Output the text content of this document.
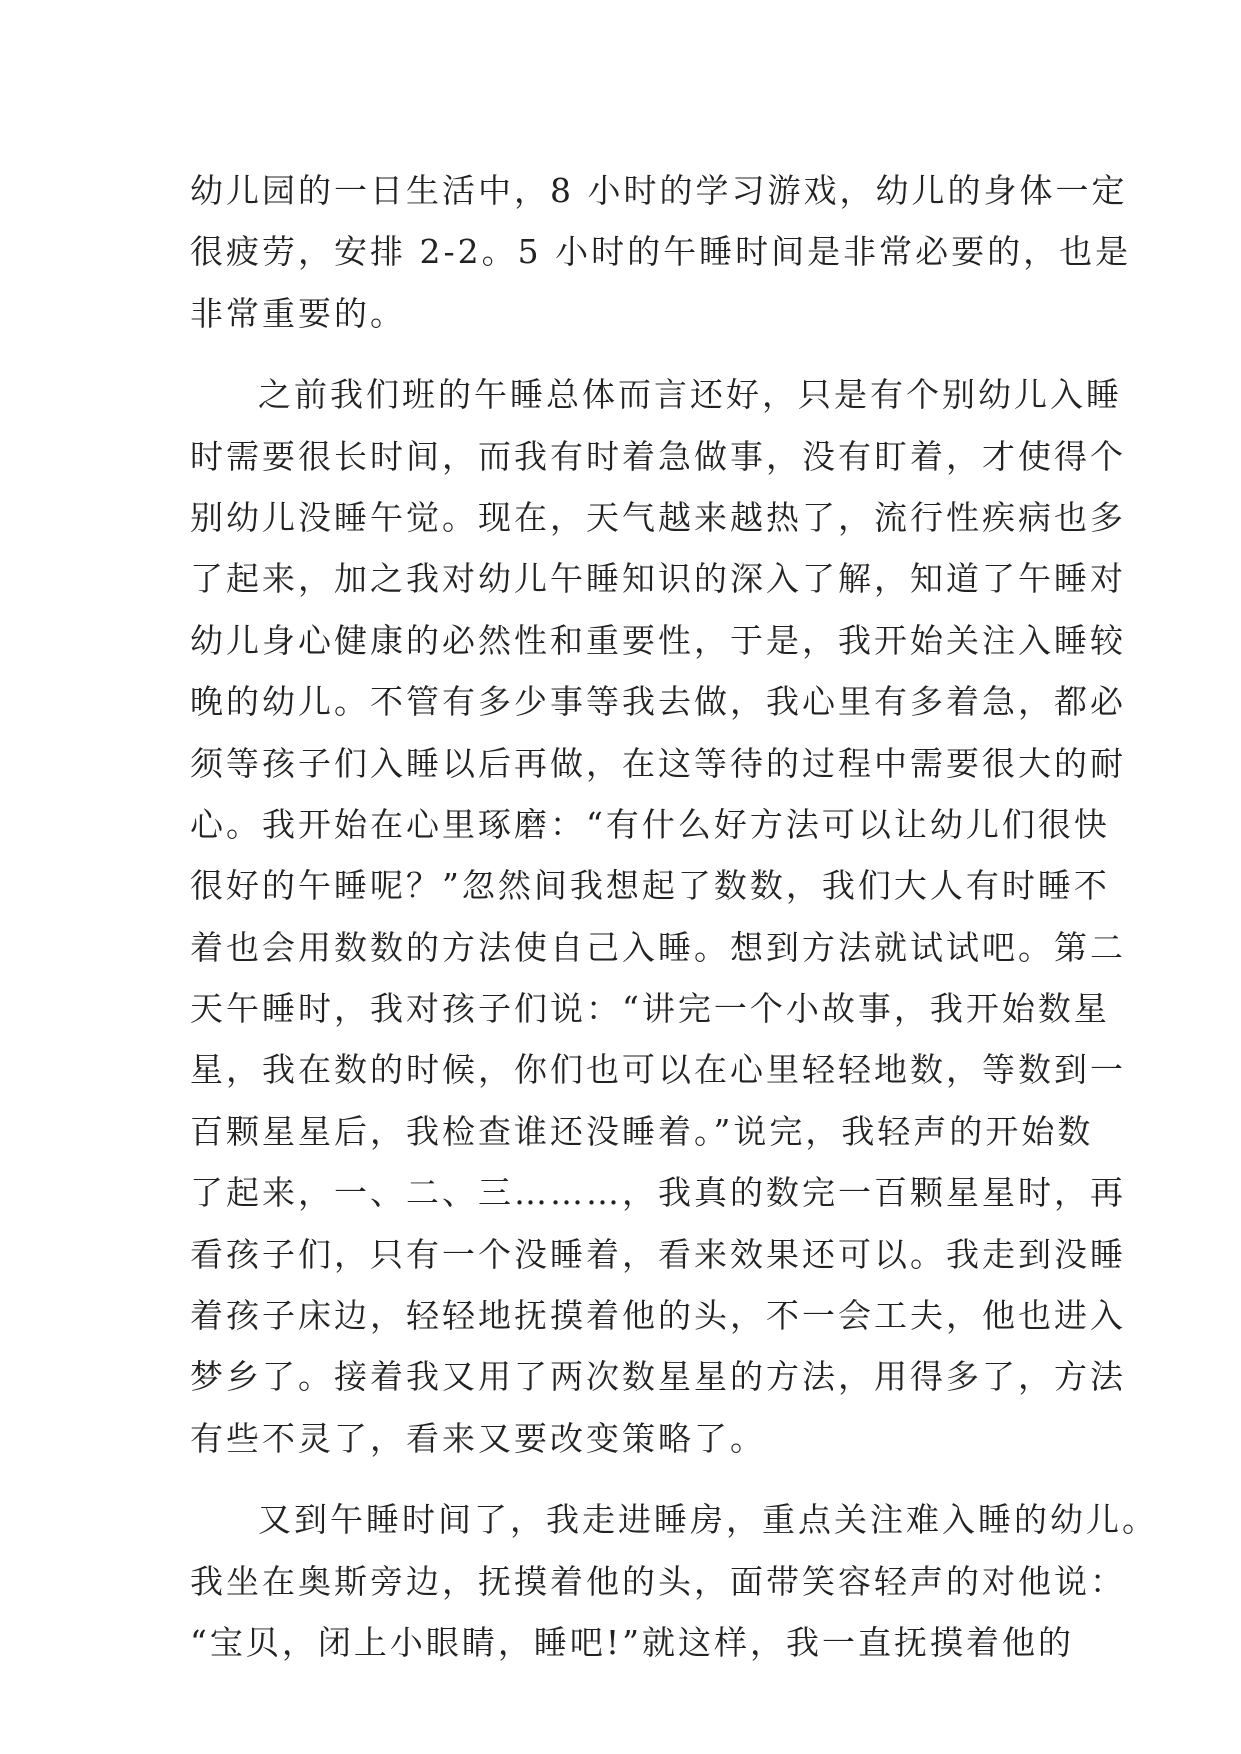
幼儿园的一日生活中，8 小时的学习游戏，幼儿的身体一定
很疲劳，安排 2-2。5 小时的午睡时间是非常必要的，也是
非常重要的。
之前我们班的午睡总体而言还好，只是有个别幼儿入睡
时需要很长时间，而我有时着急做事，没有盯着，才使得个
别幼儿没睡午觉。现在，天气越来越热了，流行性疾病也多
了起来，加之我对幼儿午睡知识的深入了解，知道了午睡对
幼儿身心健康的必然性和重要性，于是，我开始关注入睡较
晚的幼儿。不管有多少事等我去做，我心里有多着急，都必
须等孩子们入睡以后再做，在这等待的过程中需要很大的耐
心。我开始在心里琢磨：“有什么好方法可以让幼儿们很快
很好的午睡呢？”忽然间我想起了数数，我们大人有时睡不
着也会用数数的方法使自己入睡。想到方法就试试吧。第二
天午睡时，我对孩子们说：“讲完一个小故事，我开始数星
星，我在数的时候，你们也可以在心里轻轻地数，等数到一
百颗星星后，我检查谁还没睡着。”说完，我轻声的开始数
了起来，一、二、三………，我真的数完一百颗星星时，再
看孩子们，只有一个没睡着，看来效果还可以。我走到没睡
着孩子床边，轻轻地抚摸着他的头，不一会工夫，他也进入
梦乡了。接着我又用了两次数星星的方法，用得多了，方法
有些不灵了，看来又要改变策略了。
又到午睡时间了，我走进睡房，重点关注难入睡的幼儿。
我坐在奥斯旁边，抚摸着他的头，面带笑容轻声的对他说：
“宝贝，闭上小眼睛，睡吧!”就这样，我一直抚摸着他的
